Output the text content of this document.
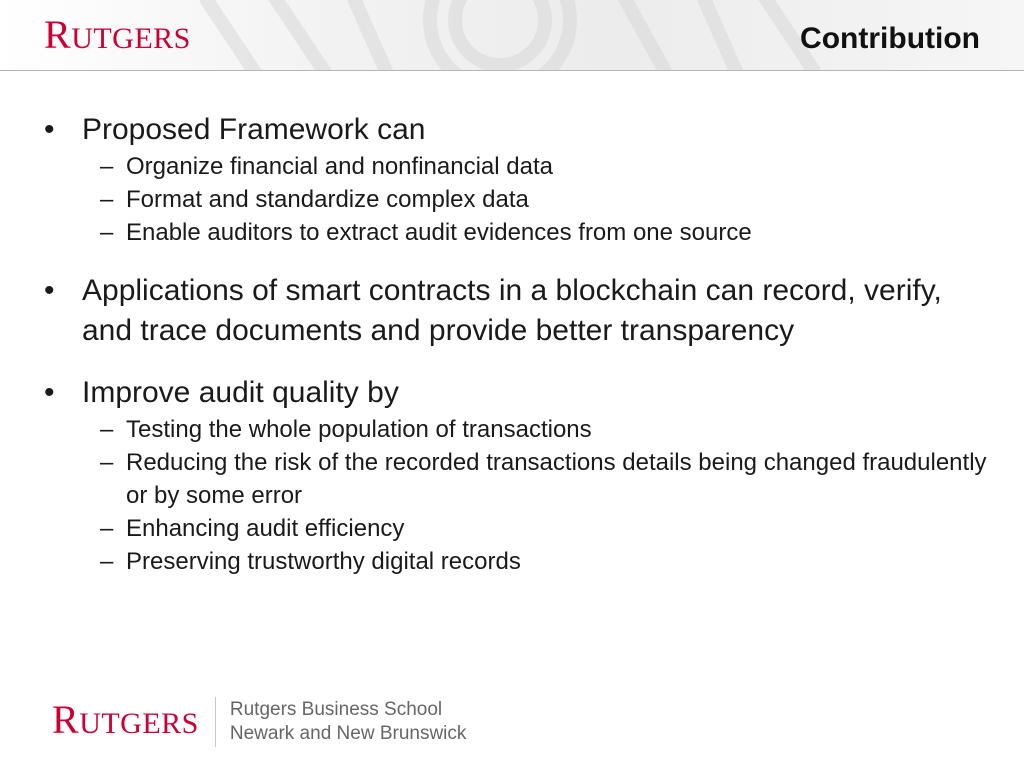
RUTGERS	Contribution
• Proposed Framework can
– Organize financial and nonfinancial data
– Format and standardize complex data
– Enable auditors to extract audit evidences from one source
• Applications of smart contracts in a blockchain can record, verify, and trace documents and provide better transparency
• Improve audit quality by
– Testing the whole population of transactions
– Reducing the risk of the recorded transactions details being changed fraudulently or by some error
– Enhancing audit efficiency
– Preserving trustworthy digital records
RUTGERS Rutgers Business School
Newark and New Brunswick
